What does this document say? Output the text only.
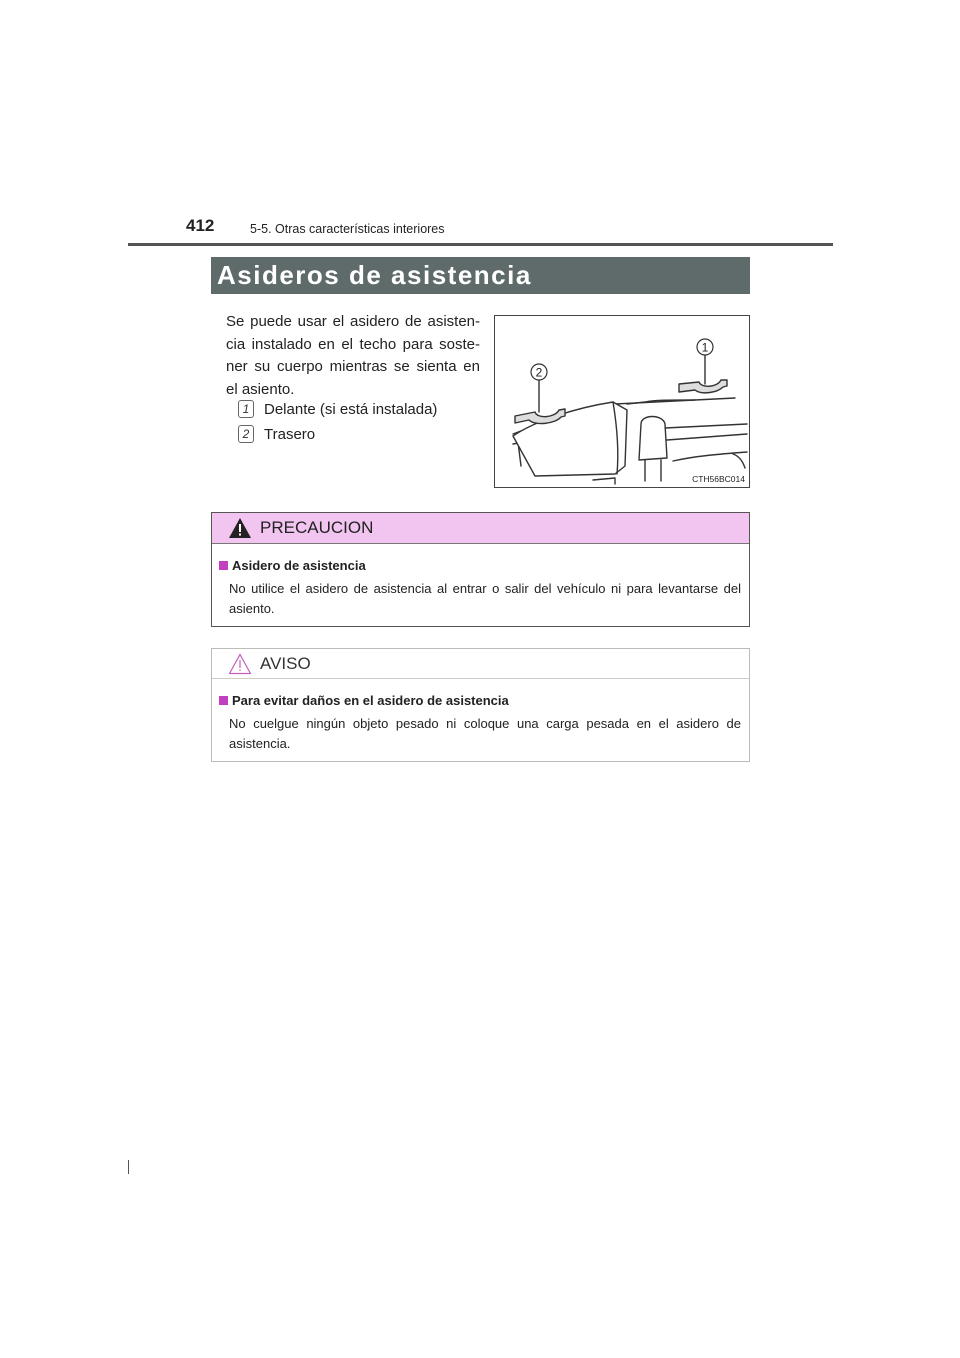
412	5-5. Otras características interiores
Asideros de asistencia
Se puede usar el asidero de asisten-cia instalado en el techo para soste-ner su cuerpo mientras se sienta en el asiento.
1 Delante (si está instalada)
2 Trasero
2
1
CTH56BC014
PRECAUCION
Asidero de asistencia
No utilice el asidero de asistencia al entrar o salir del vehículo ni para levantarse del asiento.
AVISO
Para evitar daños en el asidero de asistencia
No cuelgue ningún objeto pesado ni coloque una carga pesada en el asidero de asistencia.
